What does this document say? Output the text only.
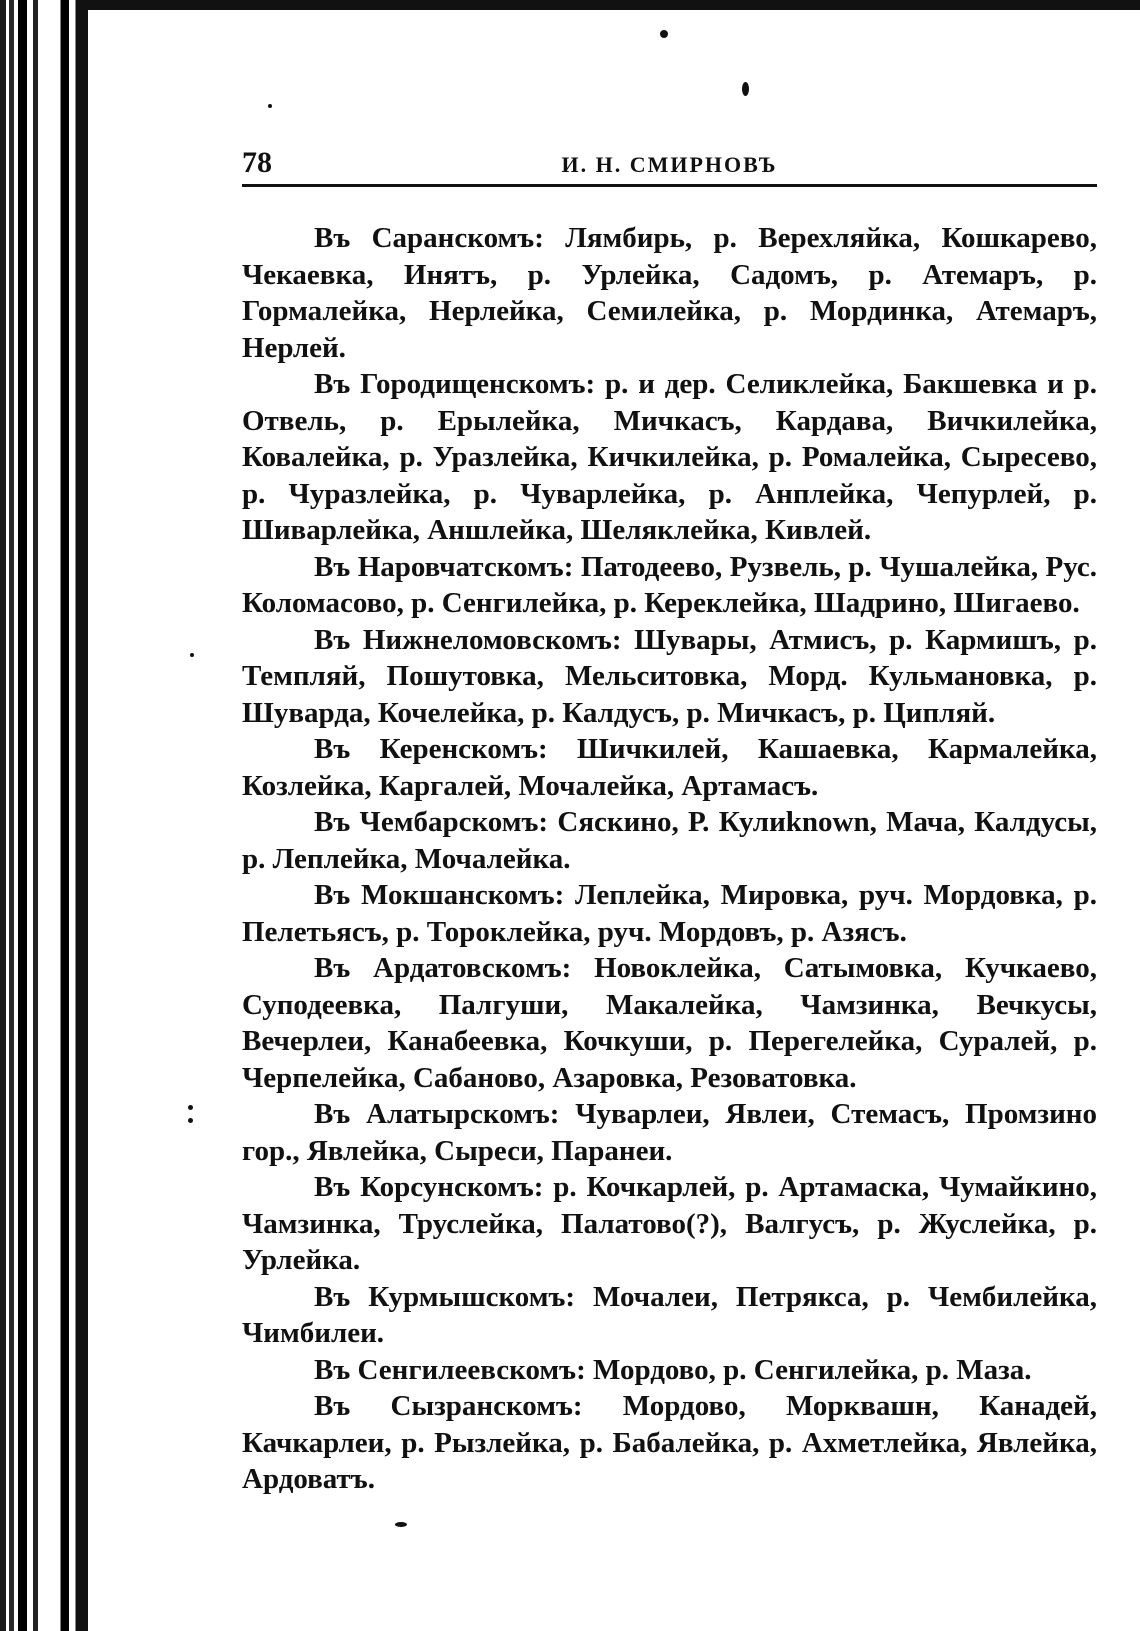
78	И. Н. СМИРНОВЪ

Въ Саранскомъ: Лямбирь, р. Верехляйка, Кошкарево, Чекаевка, Инятъ, р. Урлейка, Садомъ, р. Атемаръ, р. Гормалейка, Нерлейка, Семилейка, р. Мординка, Атемаръ, Нерлей.

Въ Городищенскомъ: р. и дер. Селиклейка, Бакшевка и р. Отвель, р. Ерылейка, Мичкасъ, Кардава, Вичкилейка, Ковалейка, р. Уразлейка, Кичкилейка, р. Ромалейка, Сыресево, р. Чуразлейка, р. Чуварлейка, р. Анплейка, Чепурлей, р. Шиварлейка, Аншлейка, Шеляклейка, Кивлей.

Въ Наровчатскомъ: Патодеево, Рузвель, р. Чушалейка, Рус. Коломасово, р. Сенгилейка, р. Кереклейка, Шадрино, Шигаево.

Въ Нижнеломовскомъ: Шувары, Атмисъ, р. Кармишъ, р. Темпляй, Пошутовка, Мельситовка, Морд. Кульмановка, р. Шуварда, Кочелейка, р. Калдусъ, р. Мичкасъ, р. Ципляй.

Въ Керенскомъ: Шичкилей, Кашаевка, Кармалейка, Козлейка, Каргалей, Мочалейка, Артамасъ.

Въ Чембарскомъ: Сяскино, Р. Кулиknown, Мача, Калдусы, р. Леплейка, Мочалейка.

Въ Мокшанскомъ: Леплейка, Мировка, руч. Мордовка, р. Пелетьясъ, р. Тороклейка, руч. Мордовъ, р. Азясъ.

Въ Ардатовскомъ: Новоклейка, Сатымовка, Кучкаево, Суподеевка, Палгуши, Макалейка, Чамзинка, Вечкусы, Вечерлеи, Канабеевка, Кочкуши, р. Перегелейка, Суралей, р. Черпелейка, Сабаново, Азаровка, Резоватовка.

Въ Алатырскомъ: Чуварлеи, Явлеи, Стемасъ, Промзино гор., Явлейка, Сыреси, Паранеи.

Въ Корсунскомъ: р. Кочкарлей, р. Артамаска, Чумайкино, Чамзинка, Труслейка, Палатово(?), Валгусъ, р. Жуслейка, р. Урлейка.

Въ Курмышскомъ: Мочалеи, Петрякса, р. Чембилейка, Чимбилеи.

Въ Сенгилеевскомъ: Мордово, р. Сенгилейка, р. Маза.

Въ Сызранскомъ: Мордово, Морквашн, Канадей, Качкарлеи, р. Рызлейка, р. Бабалейка, р. Ахметлейка, Явлейка, Ардоватъ.
